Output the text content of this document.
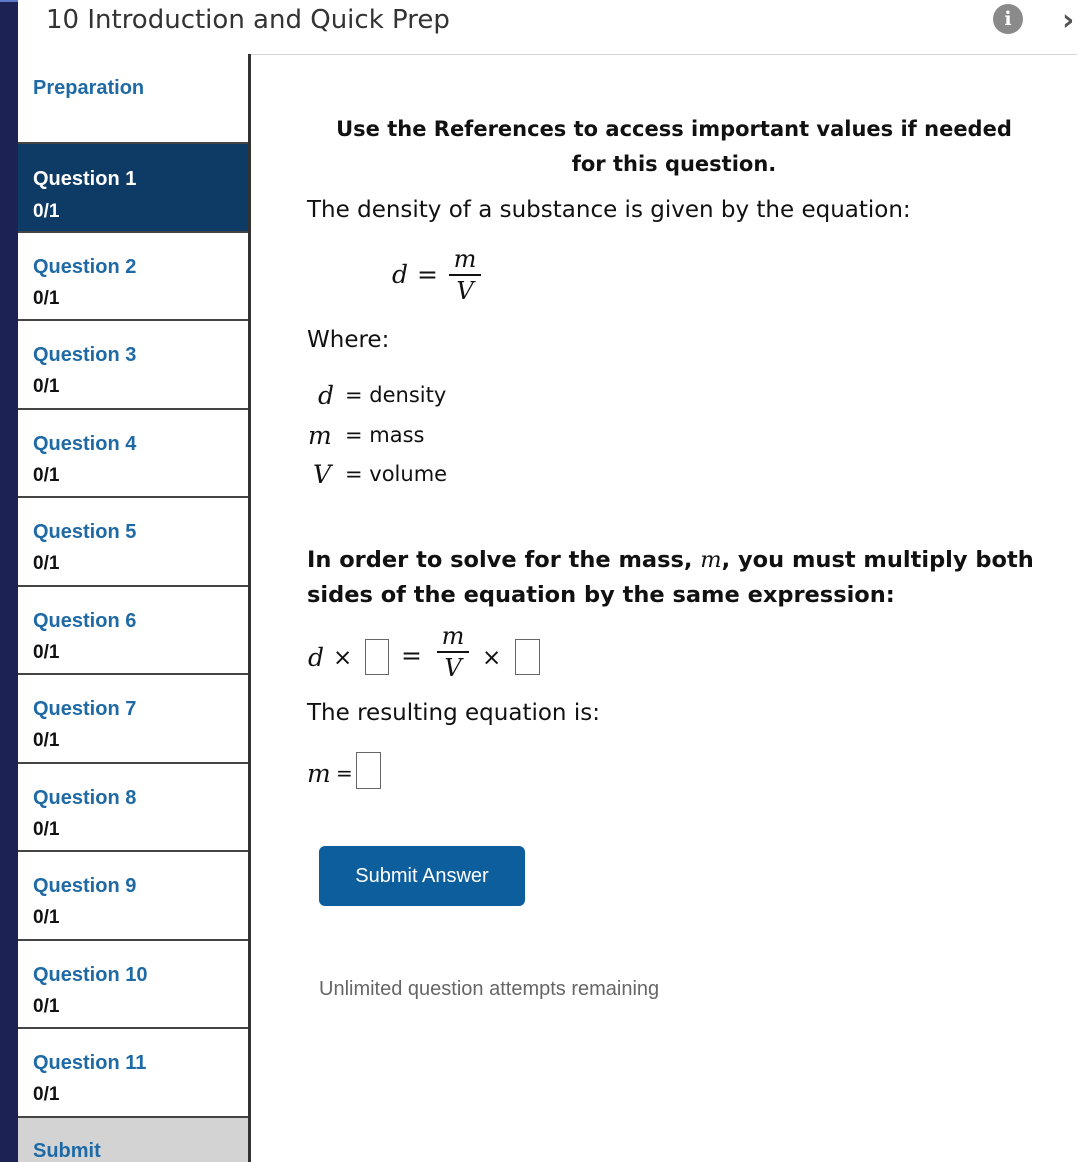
10 Introduction and Quick Prep	i	›
Preparation
Question 1
0/1
Question 2
0/1
Question 3
0/1
Question 4
0/1
Question 5
0/1
Question 6
0/1
Question 7
0/1
Question 8
0/1
Question 9
0/1
Question 10
0/1
Question 11
0/1
Submit
Use the References to access important values if needed for this question.
The density of a substance is given by the equation:
d =
m
V
Where:
d = density
m = mass
V = volume
In order to solve for the mass, m, you must multiply both sides of the equation by the same expression:
d × =
m
V ×
The resulting equation is:
m =
Submit Answer
Unlimited question attempts remaining
